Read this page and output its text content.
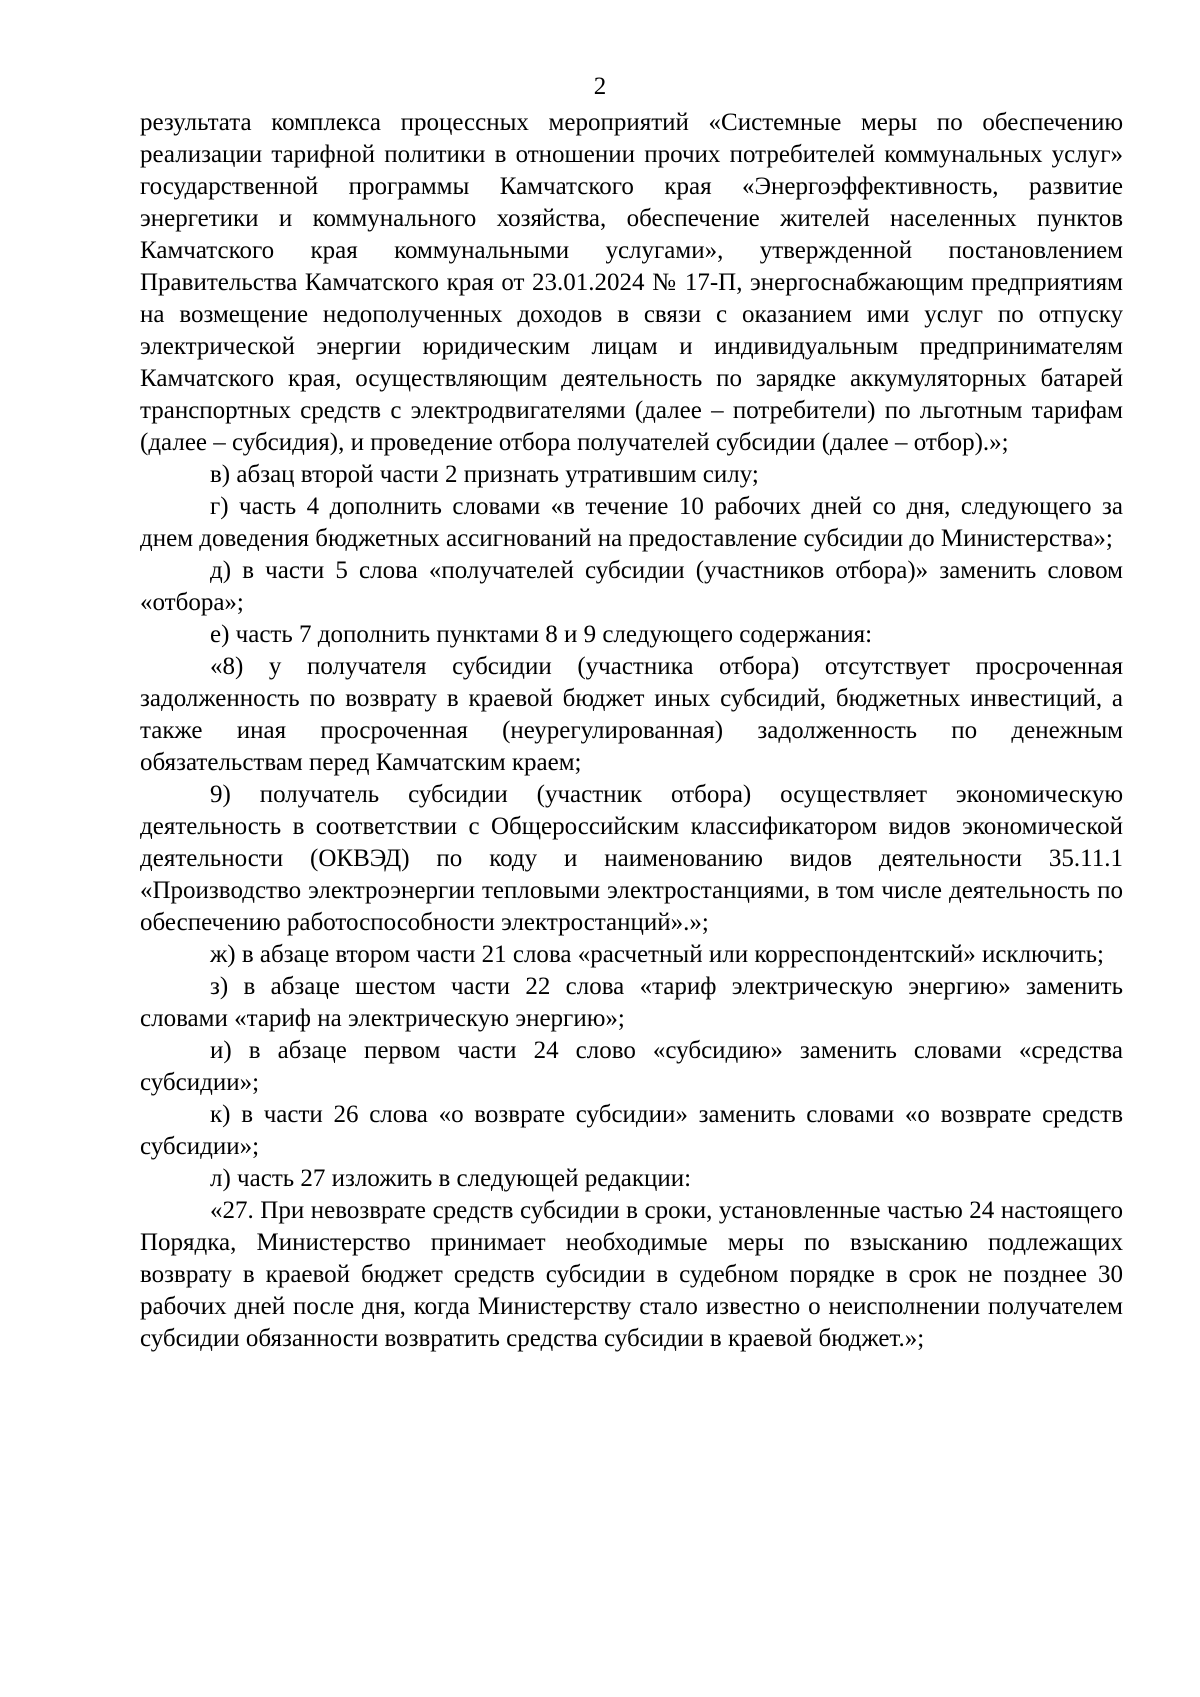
2

результата комплекса процессных мероприятий «Системные меры по обеспечению реализации тарифной политики в отношении прочих потребителей коммунальных услуг» государственной программы Камчатского края «Энергоэффективность, развитие энергетики и коммунального хозяйства, обеспечение жителей населенных пунктов Камчатского края коммунальными услугами», утвержденной постановлением Правительства Камчатского края от 23.01.2024 № 17-П, энергоснабжающим предприятиям на возмещение недополученных доходов в связи с оказанием ими услуг по отпуску электрической энергии юридическим лицам и индивидуальным предпринимателям Камчатского края, осуществляющим деятельность по зарядке аккумуляторных батарей транспортных средств с электродвигателями (далее – потребители) по льготным тарифам (далее – субсидия), и проведение отбора получателей субсидии (далее – отбор).»;

в) абзац второй части 2 признать утратившим силу;

г) часть 4 дополнить словами «в течение 10 рабочих дней со дня, следующего за днем доведения бюджетных ассигнований на предоставление субсидии до Министерства»;

д) в части 5 слова «получателей субсидии (участников отбора)» заменить словом «отбора»;

е) часть 7 дополнить пунктами 8 и 9 следующего содержания:

«8) у получателя субсидии (участника отбора) отсутствует просроченная задолженность по возврату в краевой бюджет иных субсидий, бюджетных инвестиций, а также иная просроченная (неурегулированная) задолженность по денежным обязательствам перед Камчатским краем;

9) получатель субсидии (участник отбора) осуществляет экономическую деятельность в соответствии с Общероссийским классификатором видов экономической деятельности (ОКВЭД) по коду и наименованию видов деятельности 35.11.1 «Производство электроэнергии тепловыми электростанциями, в том числе деятельность по обеспечению работоспособности электростанций».»;

ж) в абзаце втором части 21 слова «расчетный или корреспондентский» исключить;

з) в абзаце шестом части 22 слова «тариф электрическую энергию» заменить словами «тариф на электрическую энергию»;

и) в абзаце первом части 24 слово «субсидию» заменить словами «средства субсидии»;

к) в части 26 слова «о возврате субсидии» заменить словами «о возврате средств субсидии»;

л) часть 27 изложить в следующей редакции:

«27. При невозврате средств субсидии в сроки, установленные частью 24 настоящего Порядка, Министерство принимает необходимые меры по взысканию подлежащих возврату в краевой бюджет средств субсидии в судебном порядке в срок не позднее 30 рабочих дней после дня, когда Министерству стало известно о неисполнении получателем субсидии обязанности возвратить средства субсидии в краевой бюджет.»;
